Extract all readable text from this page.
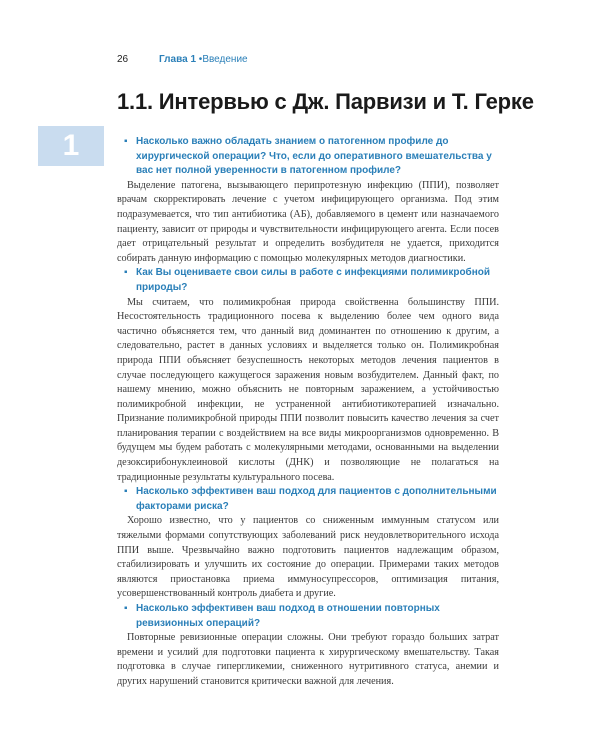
26	Глава 1 •Введение
1.1. Интервью с Дж. Парвизи и Т. Герке
1	▪ Насколько важно обладать знанием о патогенном профиле до хирургической операции? Что, если до оперативного вмешательства у вас нет полной уверенности в патогенном профиле?

Выделение патогена, вызывающего перипротезную инфекцию (ППИ), позволяет врачам скорректировать лечение с учетом инфицирующего организма. Под этим подразумевается, что тип антибиотика (АБ), добавляемого в цемент или назначаемого пациенту, зависит от природы и чувствительности инфицирующего агента. Если посев дает отрицательный результат и определить возбудителя не удается, приходится собирать данную информацию с помощью молекулярных методов диагностики.

▪ Как Вы оцениваете свои силы в работе с инфекциями полимикробной природы?

Мы считаем, что полимикробная природа свойственна большинству ППИ. Несостоятельность традиционного посева к выделению более чем одного вида частично объясняется тем, что данный вид доминантен по отношению к другим, а следовательно, растет в данных условиях и выделяется только он. Полимикробная природа ППИ объясняет безуспешность некоторых методов лечения пациентов в случае последующего кажущегося заражения новым возбудителем. Данный факт, по нашему мнению, можно объяснить не повторным заражением, а устойчивостью полимикробной инфекции, не устраненной антибиотикотерапией изначально. Признание полимикробной природы ППИ позволит повысить качество лечения за счет планирования терапии с воздействием на все виды микроорганизмов одновременно. В будущем мы будем работать с молекулярными методами, основанными на выделении дезоксирибонуклеиновой кислоты (ДНК) и позволяющие не полагаться на традиционные результаты культурального посева.

▪ Насколько эффективен ваш подход для пациентов с дополнительными факторами риска?

Хорошо известно, что у пациентов со сниженным иммунным статусом или тяжелыми формами сопутствующих заболеваний риск неудовлетворительного исхода ППИ выше. Чрезвычайно важно подготовить пациентов надлежащим образом, стабилизировать и улучшить их состояние до операции. Примерами таких методов являются приостановка приема иммуносупрессоров, оптимизация питания, усовершенствованный контроль диабета и другие.

▪ Насколько эффективен ваш подход в отношении повторных ревизионных операций?

Повторные ревизионные операции сложны. Они требуют гораздо больших затрат времени и усилий для подготовки пациента к хирургическому вмешательству. Такая подготовка в случае гипергликемии, сниженного нутритивного статуса, анемии и других нарушений становится критически важной для лечения.
